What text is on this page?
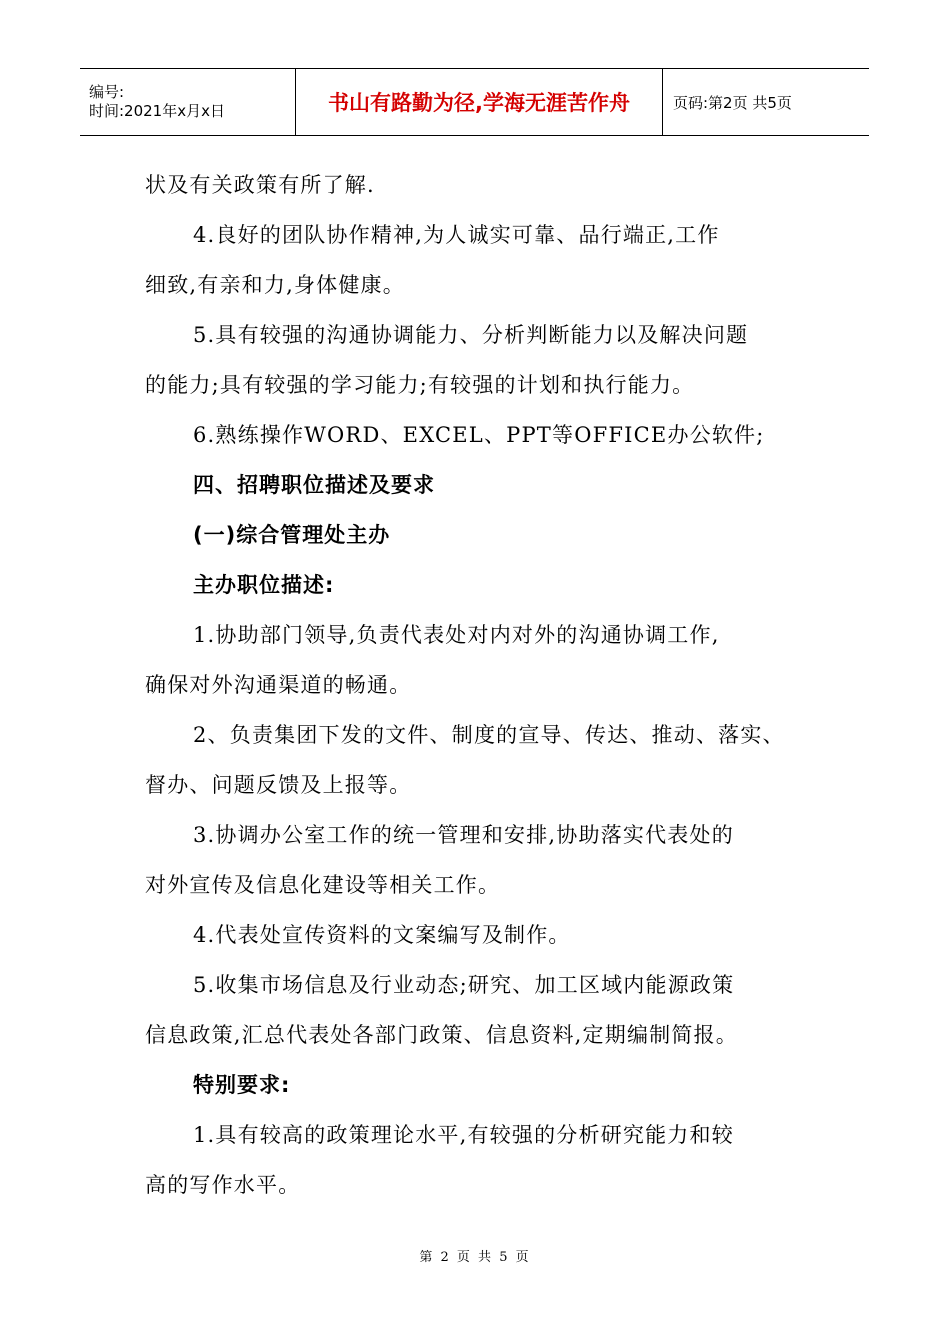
编号:
时间:2021年x月x日	书山有路勤为径,学海无涯苦作舟	页码:第2页 共5页
状及有关政策有所了解.
4.良好的团队协作精神,为人诚实可靠、品行端正,工作
细致,有亲和力,身体健康。
5.具有较强的沟通协调能力、分析判断能力以及解决问题
的能力;具有较强的学习能力;有较强的计划和执行能力。
6.熟练操作WORD、EXCEL、PPT等OFFICE办公软件;
四、招聘职位描述及要求
(一)综合管理处主办
主办职位描述:
1.协助部门领导,负责代表处对内对外的沟通协调工作,
确保对外沟通渠道的畅通。
2、负责集团下发的文件、制度的宣导、传达、推动、落实、
督办、问题反馈及上报等。
3.协调办公室工作的统一管理和安排,协助落实代表处的
对外宣传及信息化建设等相关工作。
4.代表处宣传资料的文案编写及制作。
5.收集市场信息及行业动态;研究、加工区域内能源政策
信息政策,汇总代表处各部门政策、信息资料,定期编制简报。
特别要求:
1.具有较高的政策理论水平,有较强的分析研究能力和较
高的写作水平。
第 2 页 共 5 页
